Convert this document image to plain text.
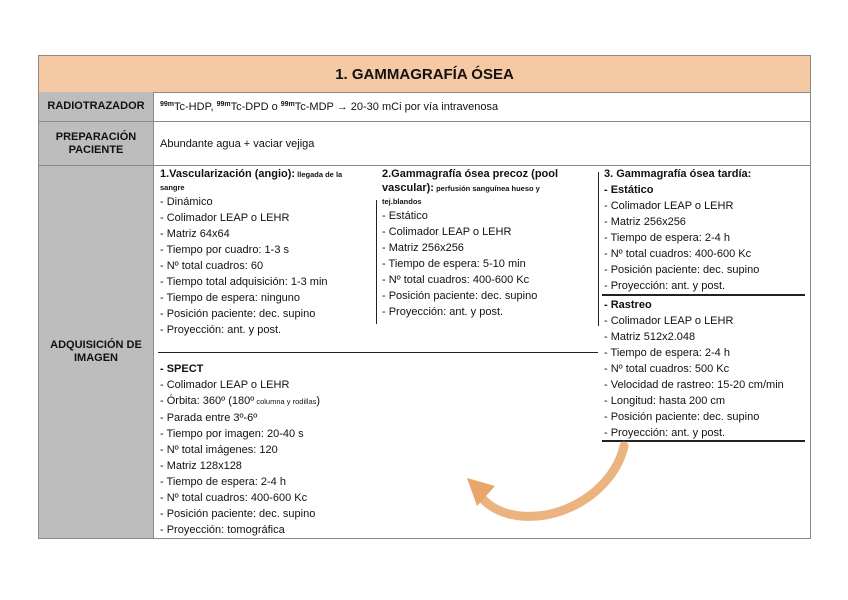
1. GAMMAGRAFÍA ÓSEA
RADIOTRAZADOR $^{99m}$Tc-HDP, $^{99m}$Tc-DPD o $^{99m}$Tc-MDP → 20-30 mCi por vía intravenosa
PREPARACIÓN
PACIENTE	Abundante agua + vaciar vejiga
ADQUISICIÓN DE
IMAGEN
1.Vascularización (angio): llegada de la
sangre
- Dinámico
- Colimador LEAP o LEHR
- Matriz 64x64
- Tiempo por cuadro: 1-3 s
- Nº total cuadros: 60
- Tiempo total adquisición: 1-3 min
- Tiempo de espera: ninguno
- Posición paciente: dec. supino
- Proyección: ant. y post.
2.Gammagrafía ósea precoz (pool
vascular): perfusión sanguínea hueso y
tej.blandos
- Estático
- Colimador LEAP o LEHR
- Matriz 256x256
- Tiempo de espera: 5-10 min
- Nº total cuadros: 400-600 Kc
- Posición paciente: dec. supino
- Proyección: ant. y post.
3. Gammagrafía ósea tardía:
- Estático
- Colimador LEAP o LEHR
- Matriz 256x256
- Tiempo de espera: 2-4 h
- Nº total cuadros: 400-600 Kc
- Posición paciente: dec. supino
- Proyección: ant. y post.
- Rastreo
- Colimador LEAP o LEHR
- Matriz 512x2.048
- Tiempo de espera: 2-4 h
- Nº total cuadros: 500 Kc
- Velocidad de rastreo: 15-20 cm/min
- Longitud: hasta 200 cm
- Posición paciente: dec. supino
- Proyección: ant. y post.
- SPECT
- Colimador LEAP o LEHR
- Órbita: 360º (180º columna y rodillas)
- Parada entre 3º-6º
- Tiempo por imagen: 20-40 s
- Nº total imágenes: 120
- Matriz 128x128
- Tiempo de espera: 2-4 h
- Nº total cuadros: 400-600 Kc
- Posición paciente: dec. supino
- Proyección: tomográfica
